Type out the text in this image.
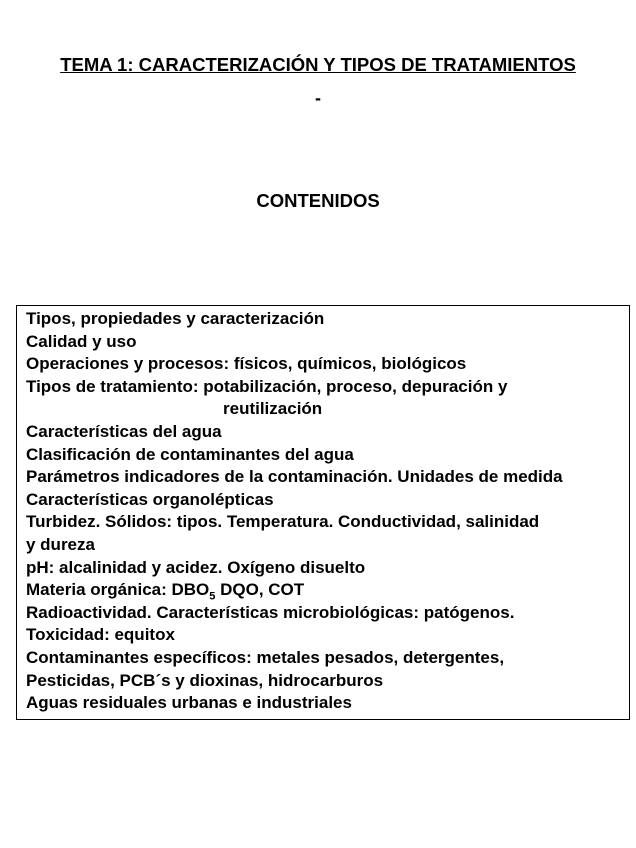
TEMA 1: CARACTERIZACIÓN Y TIPOS DE TRATAMIENTOS
-
CONTENIDOS
Tipos, propiedades y caracterización
Calidad y uso
Operaciones y procesos: físicos, químicos, biológicos
Tipos de tratamiento: potabilización, proceso, depuración y
reutilización
Características del agua
Clasificación de contaminantes del agua
Parámetros indicadores de la contaminación. Unidades de medida
Características organolépticas
Turbidez. Sólidos: tipos. Temperatura. Conductividad, salinidad
y dureza
pH: alcalinidad y acidez. Oxígeno disuelto
Materia orgánica: $DBO_5$ DQO, COT
Radioactividad. Características microbiológicas: patógenos.
Toxicidad: equitox
Contaminantes específicos: metales pesados, detergentes,
Pesticidas, PCB´s y dioxinas, hidrocarburos
Aguas residuales urbanas e industriales
